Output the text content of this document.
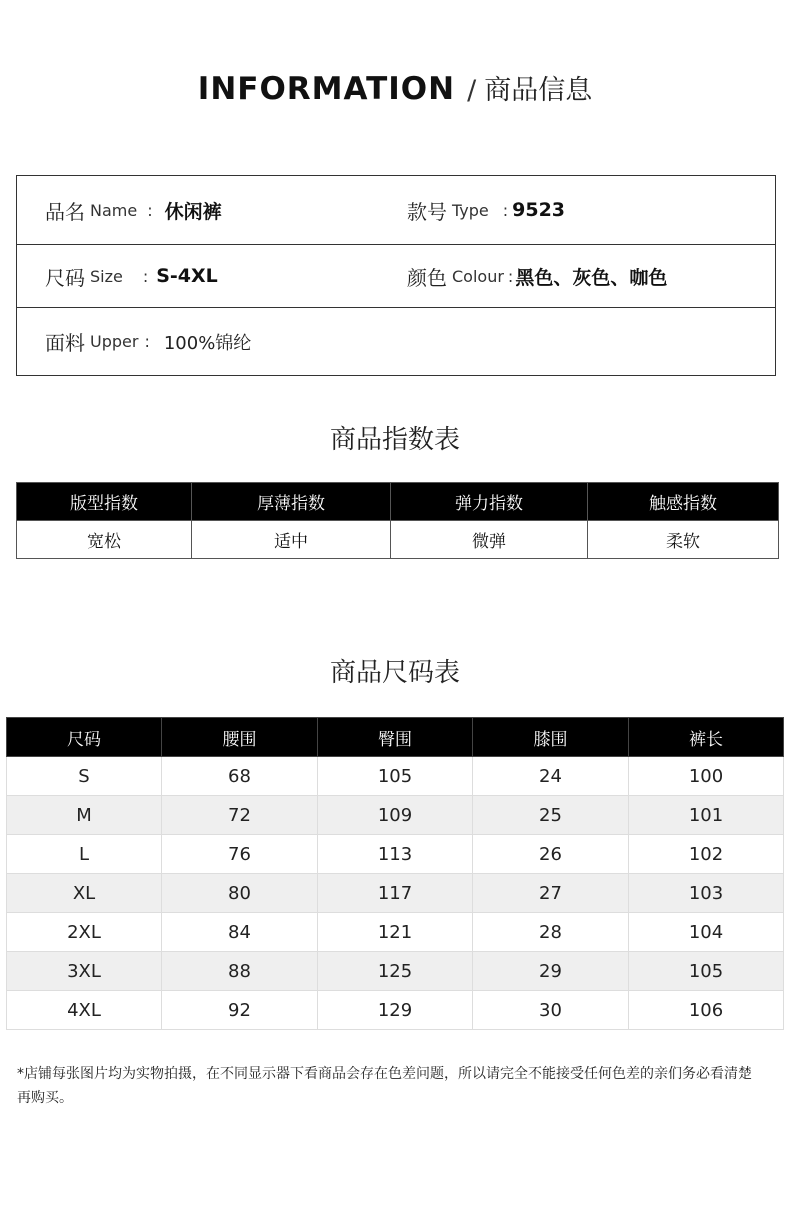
INFORMATION / 商品信息
品名 Name : 休闲裤	款号 Type : 9523
尺码 Size : S-4XL	颜色 Colour : 黑色、灰色、咖色
面料 Upper : 100%锦纶
商品指数表
版型指数	厚薄指数	弹力指数	触感指数
宽松	适中	微弹	柔软
商品尺码表
尺码	腰围	臀围	膝围	裤长
S	68	105	24	100
M	72	109	25	101
L	76	113	26	102
XL	80	117	27	103
2XL	84	121	28	104
3XL	88	125	29	105
4XL	92	129	30	106
*店铺每张图片均为实物拍摄，在不同显示器下看商品会存在色差问题，所以请完全不能接受任何色差的亲们务必看清楚再购买。
